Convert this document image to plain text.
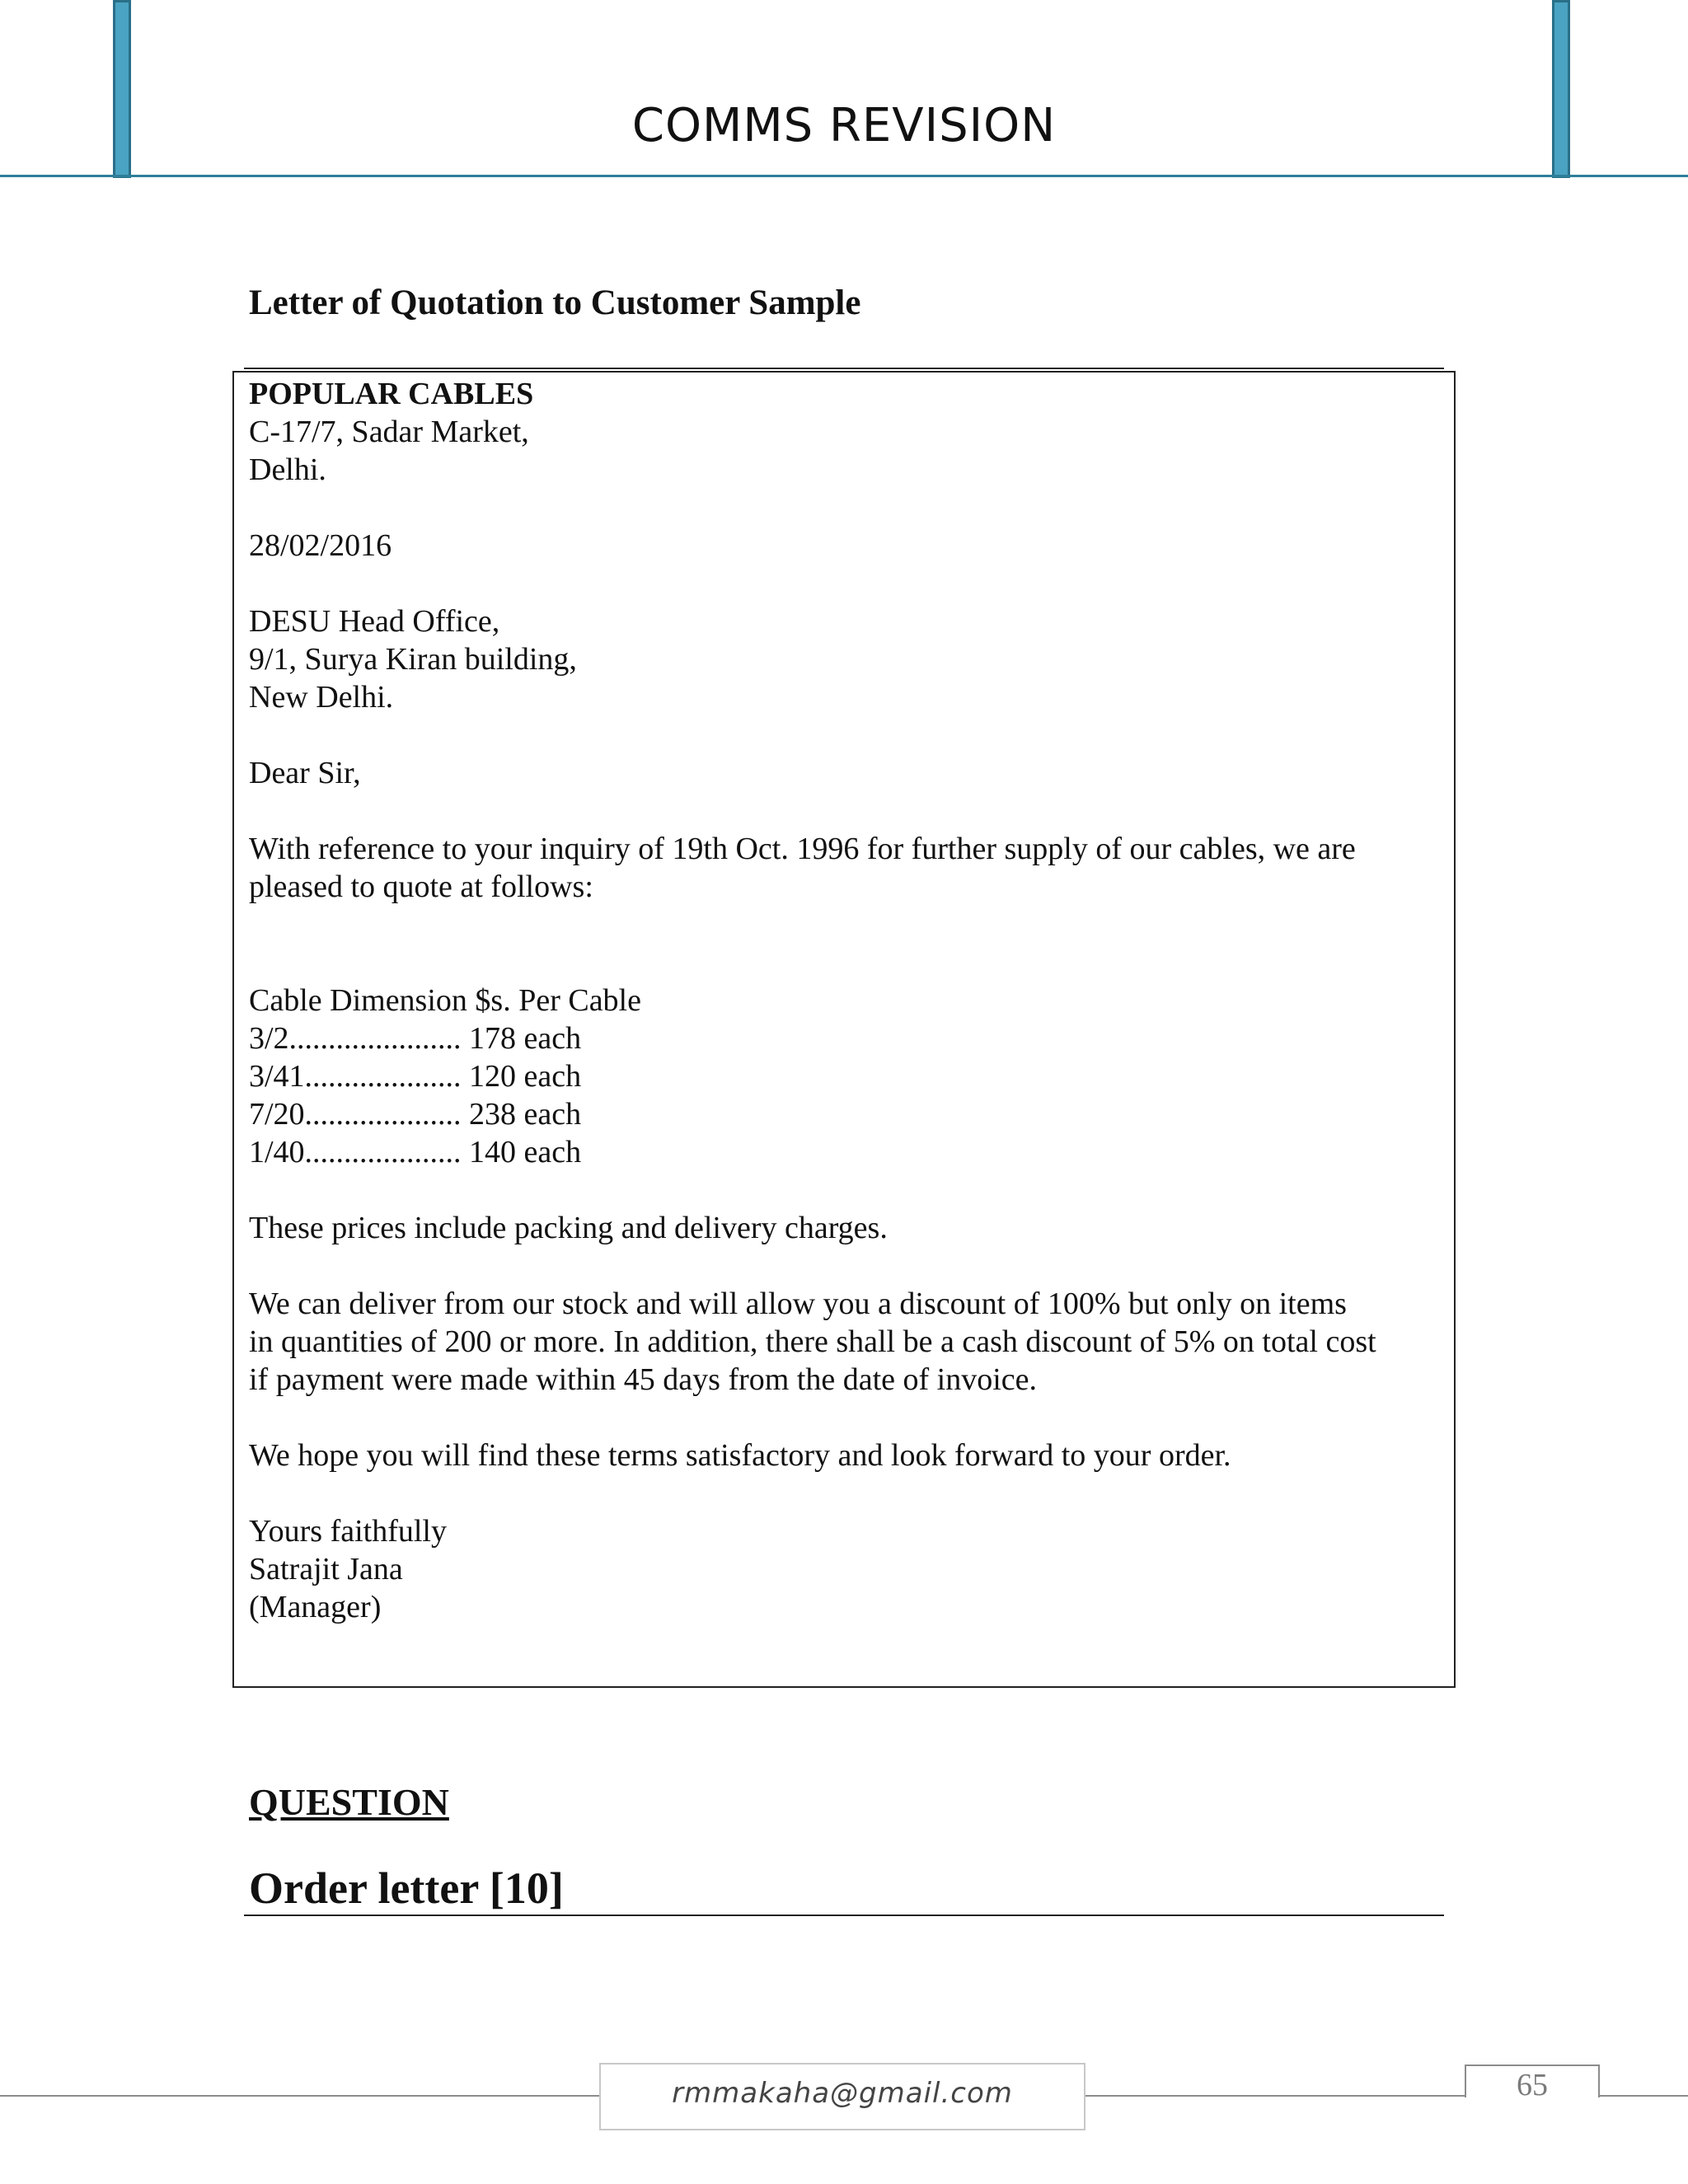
COMMS REVISION
Letter of Quotation to Customer Sample
POPULAR CABLES
C-17/7, Sadar Market,
Delhi.
28/02/2016
DESU Head Office,
9/1, Surya Kiran building,
New Delhi.
Dear Sir,
With reference to your inquiry of 19th Oct. 1996 for further supply of our cables, we are
pleased to quote at follows:
Cable Dimension $s. Per Cable
3/2...................... 178 each
3/41.................... 120 each
7/20.................... 238 each
1/40.................... 140 each
These prices include packing and delivery charges.
We can deliver from our stock and will allow you a discount of 100% but only on items
in quantities of 200 or more. In addition, there shall be a cash discount of 5% on total cost
if payment were made within 45 days from the date of invoice.
We hope you will find these terms satisfactory and look forward to your order.
Yours faithfully
Satrajit Jana
(Manager)
QUESTION
Order letter [10]
rmmakaha@gmail.com	65
